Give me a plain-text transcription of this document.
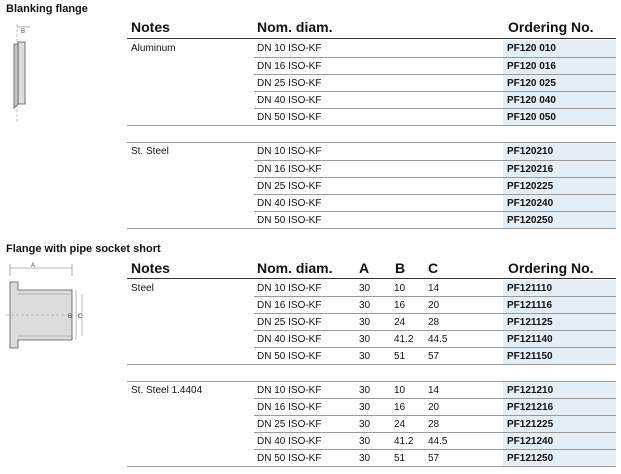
Blanking flange
B	Notes	Nom. diam.	Ordering No.
Aluminum	DN 10 ISO-KF	PF120 010
DN 16 ISO-KF	PF120 016
DN 25 ISO-KF	PF120 025
DN 40 ISO-KF	PF120 040
DN 50 ISO-KF	PF120 050
St. Steel	DN 10 ISO-KF	PF120210
DN 16 ISO-KF	PF120216
DN 25 ISO-KF	PF120225
DN 40 ISO-KF	PF120240
DN 50 ISO-KF	PF120250
Flange with pipe socket short
A
B C
Notes	Nom. diam. A B C	Ordering No.
Steel	DN 10 ISO-KF	30 10 14	PF121110
DN 16 ISO-KF	30 16 20	PF121116
DN 25 ISO-KF	30 24 28	PF121125
DN 40 ISO-KF	30 41.2 44.5	PF121140
DN 50 ISO-KF	30 51 57	PF121150
St. Steel 1.4404	DN 10 ISO-KF	30 10 14	PF121210
DN 16 ISO-KF	30 16 20	PF121216
DN 25 ISO-KF	30 24 28	PF121225
DN 40 ISO-KF	30 41.2 44.5	PF121240
DN 50 ISO-KF	30 51 57	PF121250
